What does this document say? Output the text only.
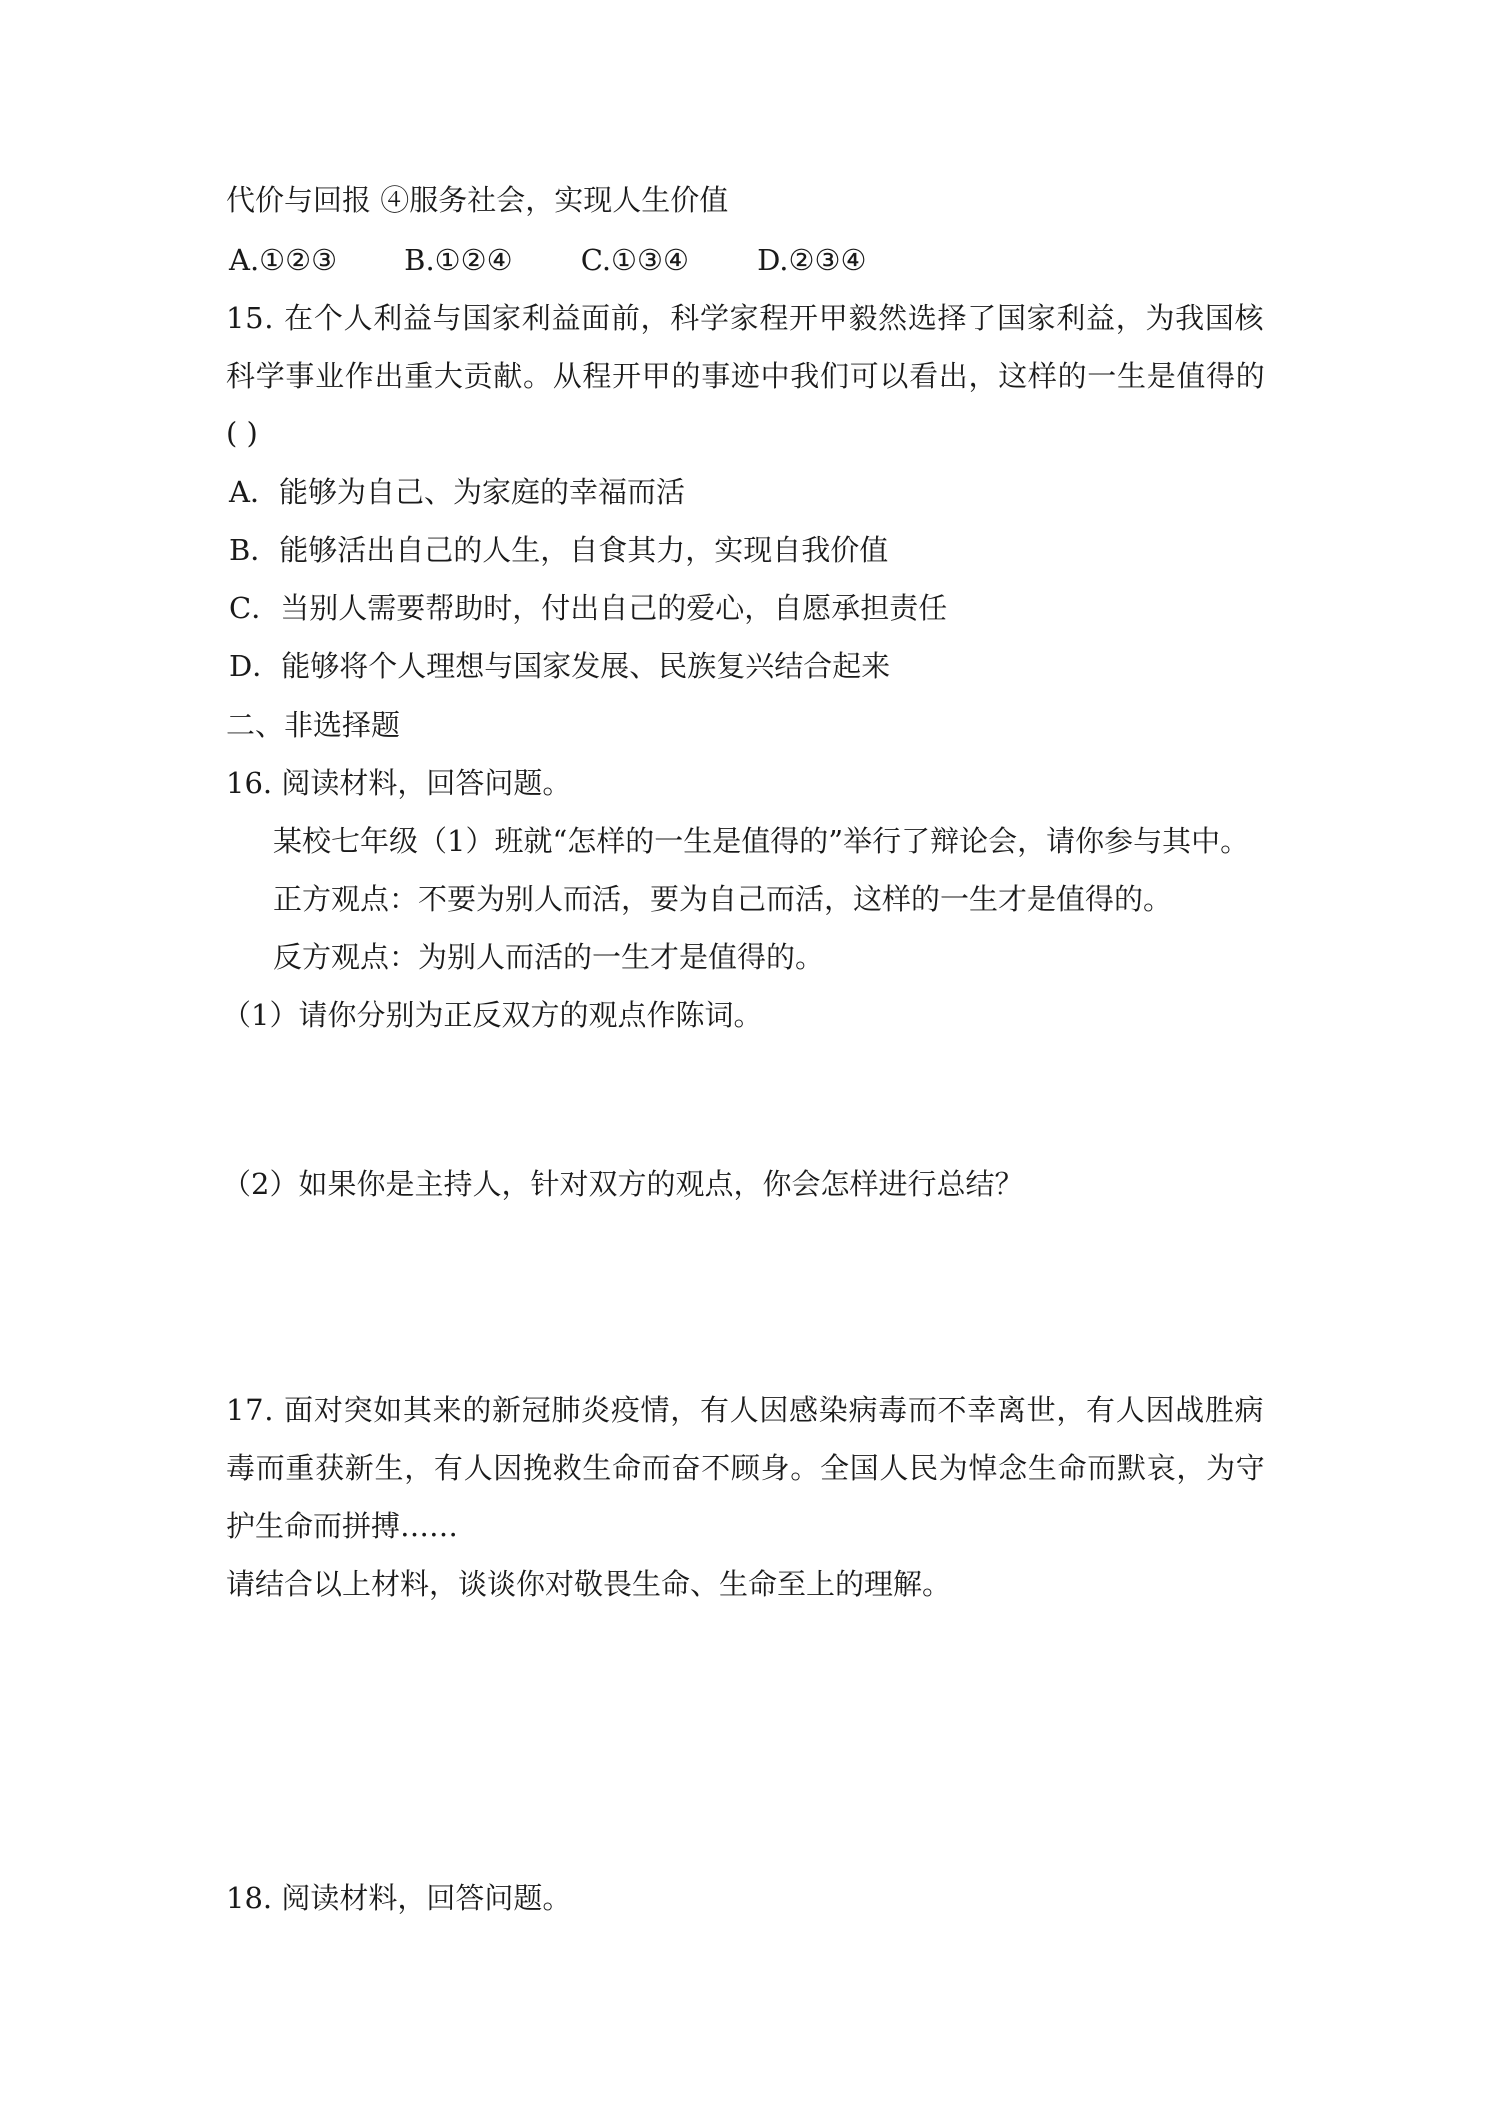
代价与回报 ④服务社会，实现人生价值
A.①②③ B.①②④ C.①③④ D.②③④
15. 在个人利益与国家利益面前，科学家程开甲毅然选择了国家利益，为我国核
科学事业作出重大贡献。从程开甲的事迹中我们可以看出，这样的一生是值得的
( )
A．能够为自己、为家庭的幸福而活
B．能够活出自己的人生，自食其力，实现自我价值
C．当别人需要帮助时，付出自己的爱心，自愿承担责任
D．能够将个人理想与国家发展、民族复兴结合起来
二、非选择题
16. 阅读材料，回答问题。
某校七年级（1）班就“怎样的一生是值得的”举行了辩论会，请你参与其中。
正方观点：不要为别人而活，要为自己而活，这样的一生才是值得的。
反方观点：为别人而活的一生才是值得的。
（1）请你分别为正反双方的观点作陈词。
（2）如果你是主持人，针对双方的观点，你会怎样进行总结？
17. 面对突如其来的新冠肺炎疫情，有人因感染病毒而不幸离世，有人因战胜病
毒而重获新生，有人因挽救生命而奋不顾身。全国人民为悼念生命而默哀，为守
护生命而拼搏……
请结合以上材料，谈谈你对敬畏生命、生命至上的理解。
18. 阅读材料，回答问题。
